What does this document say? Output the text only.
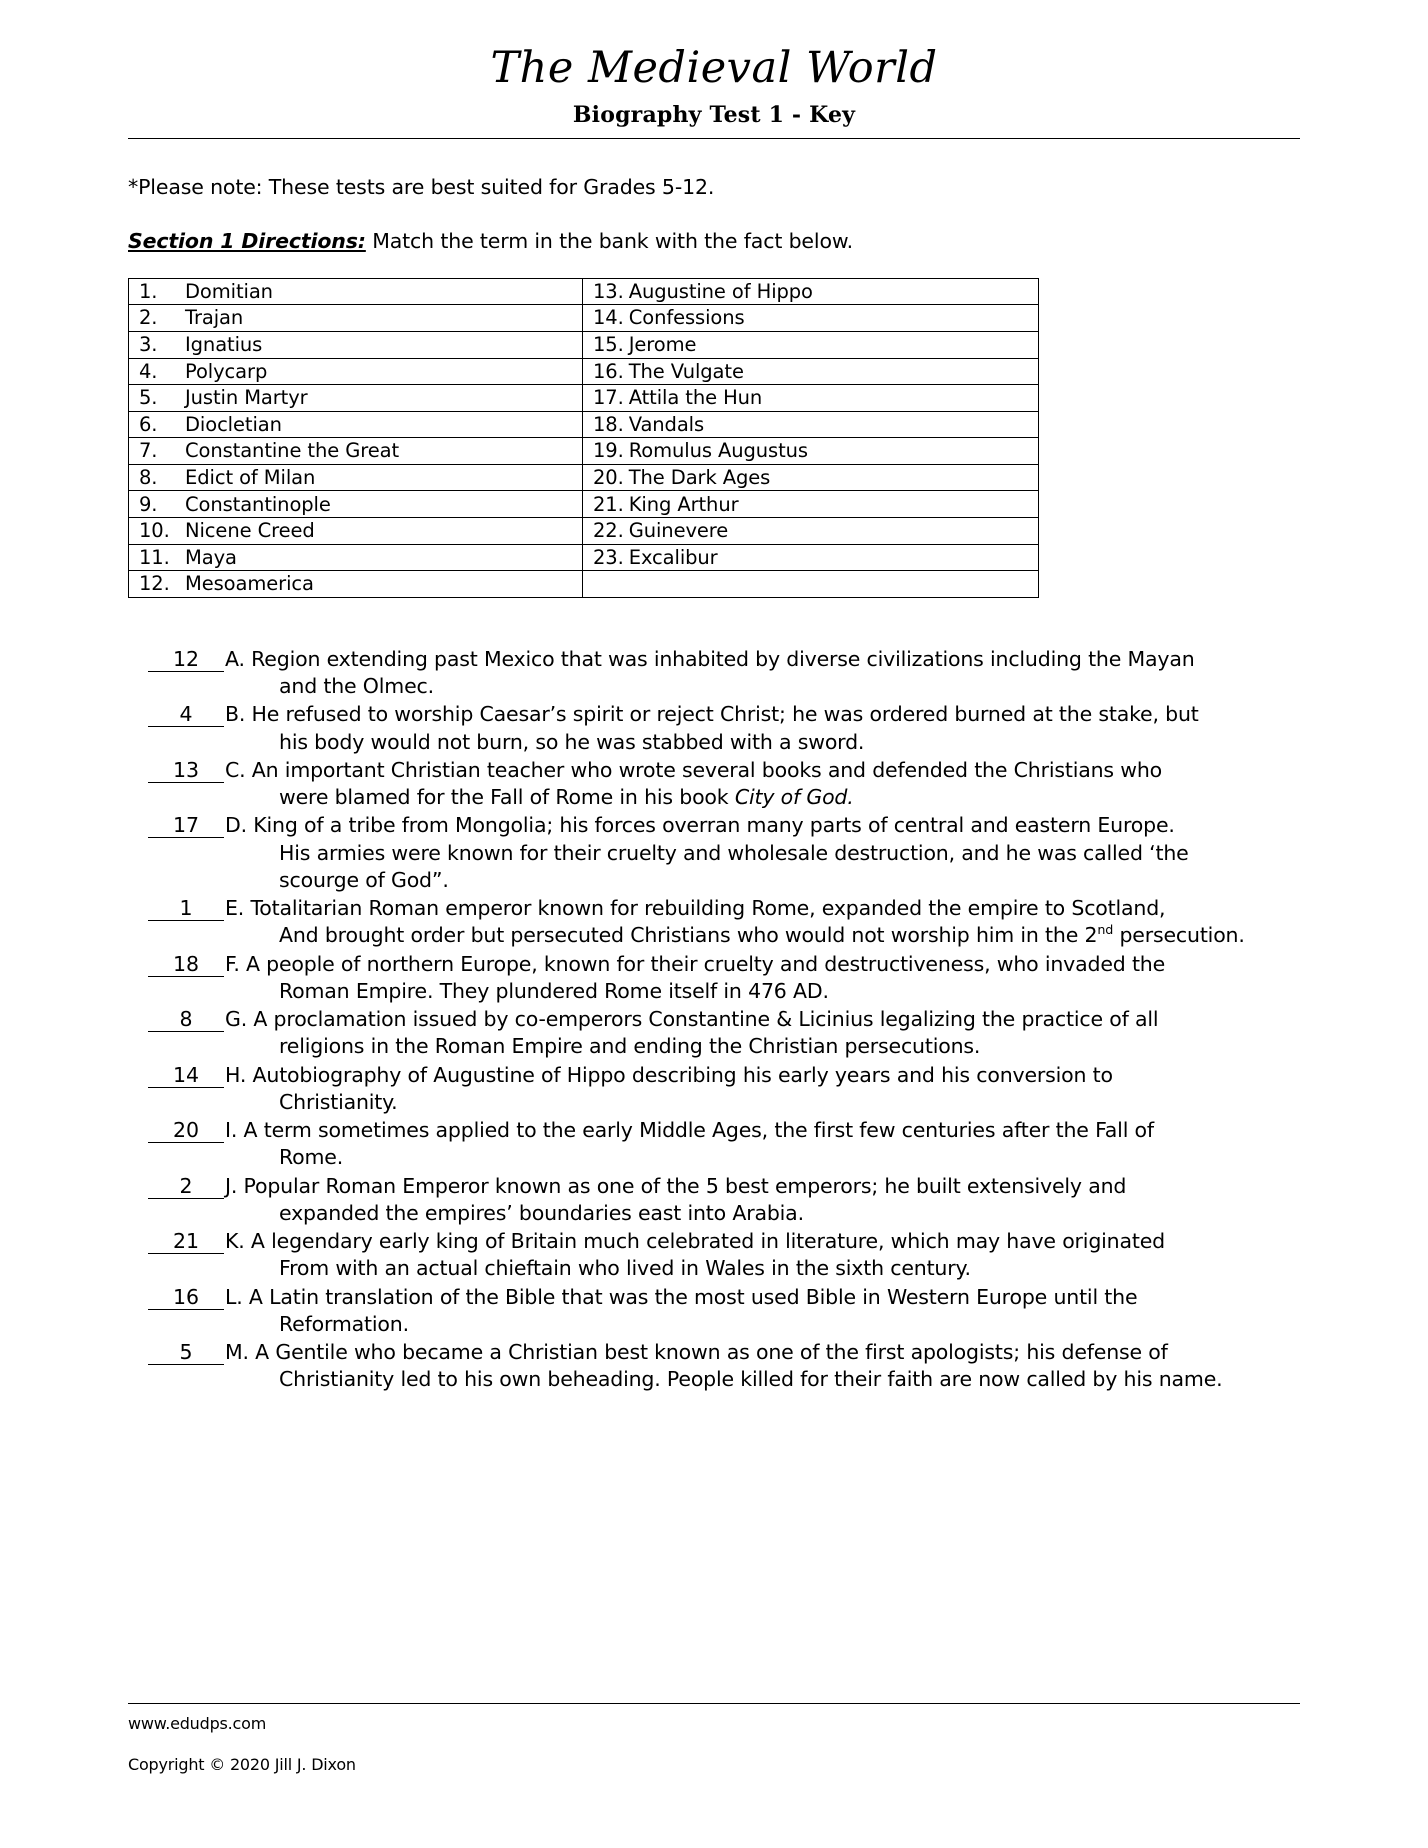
The Medieval World
Biography Test 1 - Key
*Please note: These tests are best suited for Grades 5-12.
Section 1 Directions: Match the term in the bank with the fact below.
1. Domitian	13. Augustine of Hippo
2. Trajan	14. Confessions
3. Ignatius	15. Jerome
4. Polycarp	16. The Vulgate
5. Justin Martyr	17. Attila the Hun
6. Diocletian	18. Vandals
7. Constantine the Great	19. Romulus Augustus
8. Edict of Milan	20. The Dark Ages
9. Constantinople	21. King Arthur
10. Nicene Creed	22. Guinevere
11. Maya	23. Excalibur
12. Mesoamerica	
12	A. Region extending past Mexico that was inhabited by diverse civilizations including the Mayan
and the Olmec.
4	B. He refused to worship Caesar’s spirit or reject Christ; he was ordered burned at the stake, but
his body would not burn, so he was stabbed with a sword.
13	C. An important Christian teacher who wrote several books and defended the Christians who
were blamed for the Fall of Rome in his book City of God.
17	D. King of a tribe from Mongolia; his forces overran many parts of central and eastern Europe.
His armies were known for their cruelty and wholesale destruction, and he was called ‘the
scourge of God”.
1	E. Totalitarian Roman emperor known for rebuilding Rome, expanded the empire to Scotland,
And brought order but persecuted Christians who would not worship him in the 2nd persecution.
18	F. A people of northern Europe, known for their cruelty and destructiveness, who invaded the
Roman Empire. They plundered Rome itself in 476 AD.
8	G. A proclamation issued by co-emperors Constantine & Licinius legalizing the practice of all
religions in the Roman Empire and ending the Christian persecutions.
14	H. Autobiography of Augustine of Hippo describing his early years and his conversion to
Christianity.
20	I. A term sometimes applied to the early Middle Ages, the first few centuries after the Fall of
Rome.
2	J. Popular Roman Emperor known as one of the 5 best emperors; he built extensively and
expanded the empires’ boundaries east into Arabia.
21	K. A legendary early king of Britain much celebrated in literature, which may have originated
From with an actual chieftain who lived in Wales in the sixth century.
16	L. A Latin translation of the Bible that was the most used Bible in Western Europe until the
Reformation.
5	M. A Gentile who became a Christian best known as one of the first apologists; his defense of
Christianity led to his own beheading. People killed for their faith are now called by his name.
www.edudps.com
Copyright © 2020 Jill J. Dixon
